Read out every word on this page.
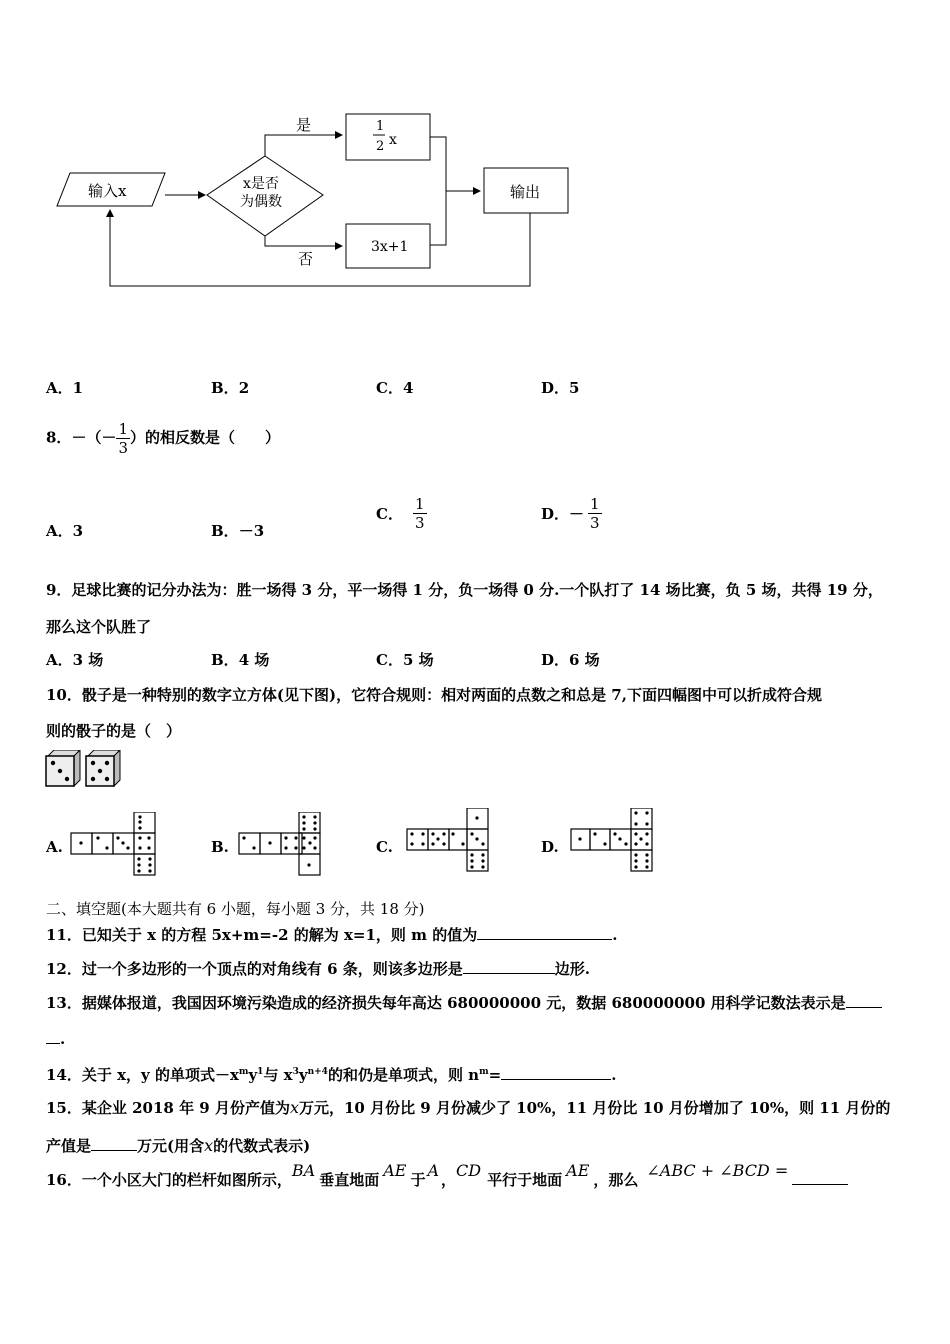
输入x	x是否
为偶数
是	1
2 x
否
3x+1
输出
A．1	B．2	C．4	D．5
8．－（－ $\frac{1}{3}$ ）的相反数是（　　）
A．3	B．－3
C． $\frac{1}{3}$	D．－ $\frac{1}{3}$
9．足球比赛的记分办法为：胜一场得 3 分，平一场得 1 分，负一场得 0 分.一个队打了 14 场比赛，负 5 场，共得 19 分，
那么这个队胜了
A．3 场	B．4 场	C．5 场	D．6 场
10．骰子是一种特别的数字立方体(见下图)，它符合规则：相对两面的点数之和总是 7,下面四幅图中可以折成符合规
则的骰子的是（　）
A.	B.	C.	D.
二、填空题(本大题共有 6 小题，每小题 3 分，共 18 分)
11．已知关于 x 的方程 5x+m=-2 的解为 x=1，则 m 的值为	.
12．过一个多边形的一个顶点的对角线有 6 条，则该多边形是	边形.
13．据媒体报道，我国因环境污染造成的经济损失每年高达 680000000 元，数据 680000000 用科学记数法表示是
.
14．关于 x，y 的单项式$-x^my^1$与 $x^3y^{n+4}$的和仍是单项式，则 $n^m=$	.
15．某企业 2018 年 9 月份产值为x万元，10 月份比 9 月份减少了 10%，11 月份比 10 月份增加了 10%，则 11 月份的
产值是	万元(用含x的代数式表示)
16．一个小区大门的栏杆如图所示，BA 垂直地面 AE 于 A ，CD 平行于地面 AE ，那么 ∠ABC + ∠BCD =
